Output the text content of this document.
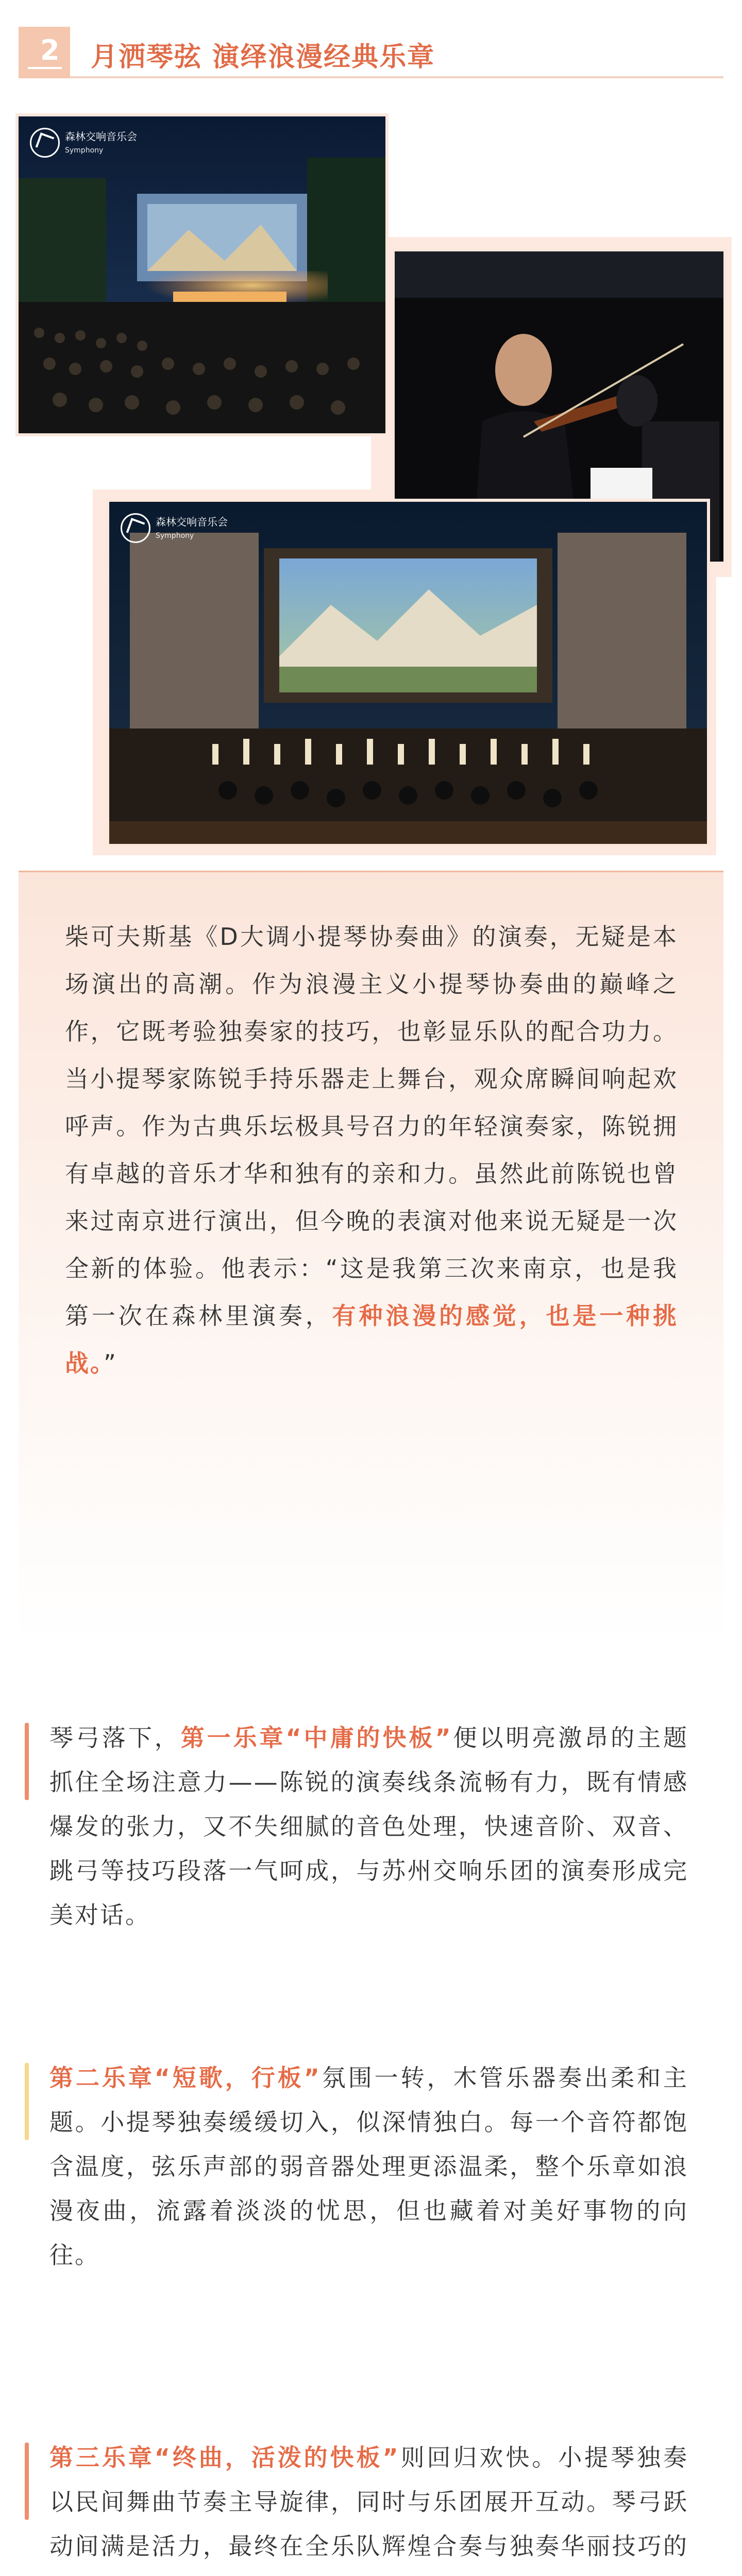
2 月洒琴弦 演绎浪漫经典乐章
森林交响音乐会
Symphony
森林交响音乐会
Symphony
柴可夫斯基《D大调小提琴协奏曲》的演奏，无疑是本场演出的高潮。作为浪漫主义小提琴协奏曲的巅峰之作，它既考验独奏家的技巧，也彰显乐队的配合功力。当小提琴家陈锐手持乐器走上舞台，观众席瞬间响起欢呼声。作为古典乐坛极具号召力的年轻演奏家，陈锐拥有卓越的音乐才华和独有的亲和力。虽然此前陈锐也曾来过南京进行演出，但今晚的表演对他来说无疑是一次全新的体验。他表示：“这是我第三次来南京，也是我第一次在森林里演奏，有种浪漫的感觉，也是一种挑战。”
琴弓落下，第一乐章“中庸的快板”便以明亮激昂的主题抓住全场注意力——陈锐的演奏线条流畅有力，既有情感爆发的张力，又不失细腻的音色处理，快速音阶、双音、跳弓等技巧段落一气呵成，与苏州交响乐团的演奏形成完美对话。
第二乐章“短歌，行板”氛围一转，木管乐器奏出柔和主题。小提琴独奏缓缓切入，似深情独白。每一个音符都饱含温度，弦乐声部的弱音器处理更添温柔，整个乐章如浪漫夜曲，流露着淡淡的忧思，但也藏着对美好事物的向往。
第三乐章“终曲，活泼的快板”则回归欢快。小提琴独奏以民间舞曲节奏主导旋律，同时与乐团展开互动。琴弓跃动间满是活力，最终在全乐队辉煌合奏与独奏华丽技巧的
